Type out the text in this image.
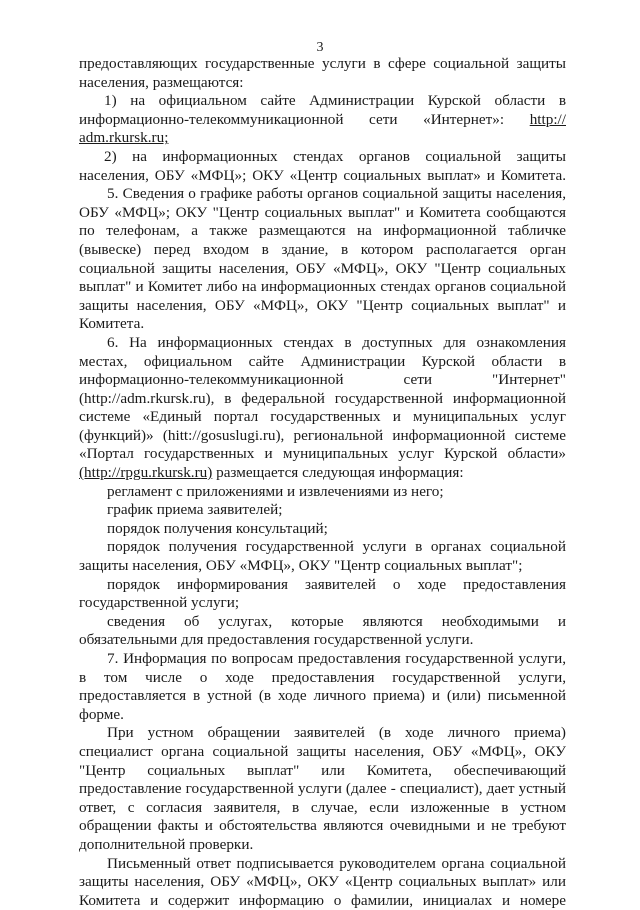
3
предоставляющих государственные услуги в сфере социальной защиты
населения, размещаются:
1) на официальном сайте Администрации Курской области в
информационно-телекоммуникационной сети «Интернет»: http://
adm.rkursk.ru;
2) на информационных стендах органов социальной защиты
населения, ОБУ «МФЦ»; ОКУ «Центр социальных выплат» и Комитета.
5. Сведения о графике работы органов социальной защиты населения,
ОБУ «МФЦ»; ОКУ "Центр социальных выплат" и Комитета сообщаются
по телефонам, а также размещаются на информационной табличке
(вывеске) перед входом в здание, в котором располагается орган
социальной защиты населения, ОБУ «МФЦ», ОКУ "Центр социальных
выплат" и Комитет либо на информационных стендах органов социальной
защиты населения, ОБУ «МФЦ», ОКУ "Центр социальных выплат" и
Комитета.
6. На информационных стендах в доступных для ознакомления
местах, официальном сайте Администрации Курской области в
информационно-телекоммуникационной сети "Интернет"
(http://adm.rkursk.ru), в федеральной государственной информационной
системе «Единый портал государственных и муниципальных услуг
(функций)» (hitt://gosuslugi.ru), региональной информационной системе
«Портал государственных и муниципальных услуг Курской области»
(http://rpgu.rkursk.ru) размещается следующая информация:
регламент с приложениями и извлечениями из него;
график приема заявителей;
порядок получения консультаций;
порядок получения государственной услуги в органах социальной
защиты населения, ОБУ «МФЦ», ОКУ "Центр социальных выплат";
порядок информирования заявителей о ходе предоставления
государственной услуги;
сведения об услугах, которые являются необходимыми и
обязательными для предоставления государственной услуги.
7. Информация по вопросам предоставления государственной услуги,
в том числе о ходе предоставления государственной услуги,
предоставляется в устной (в ходе личного приема) и (или) письменной
форме.
При устном обращении заявителей (в ходе личного приема)
специалист органа социальной защиты населения, ОБУ «МФЦ», ОКУ
"Центр социальных выплат" или Комитета, обеспечивающий
предоставление государственной услуги (далее - специалист), дает устный
ответ, с согласия заявителя, в случае, если изложенные в устном
обращении факты и обстоятельства являются очевидными и не требуют
дополнительной проверки.
Письменный ответ подписывается руководителем органа социальной
защиты населения, ОБУ «МФЦ», ОКУ «Центр социальных выплат» или
Комитета и содержит информацию о фамилии, инициалах и номере
